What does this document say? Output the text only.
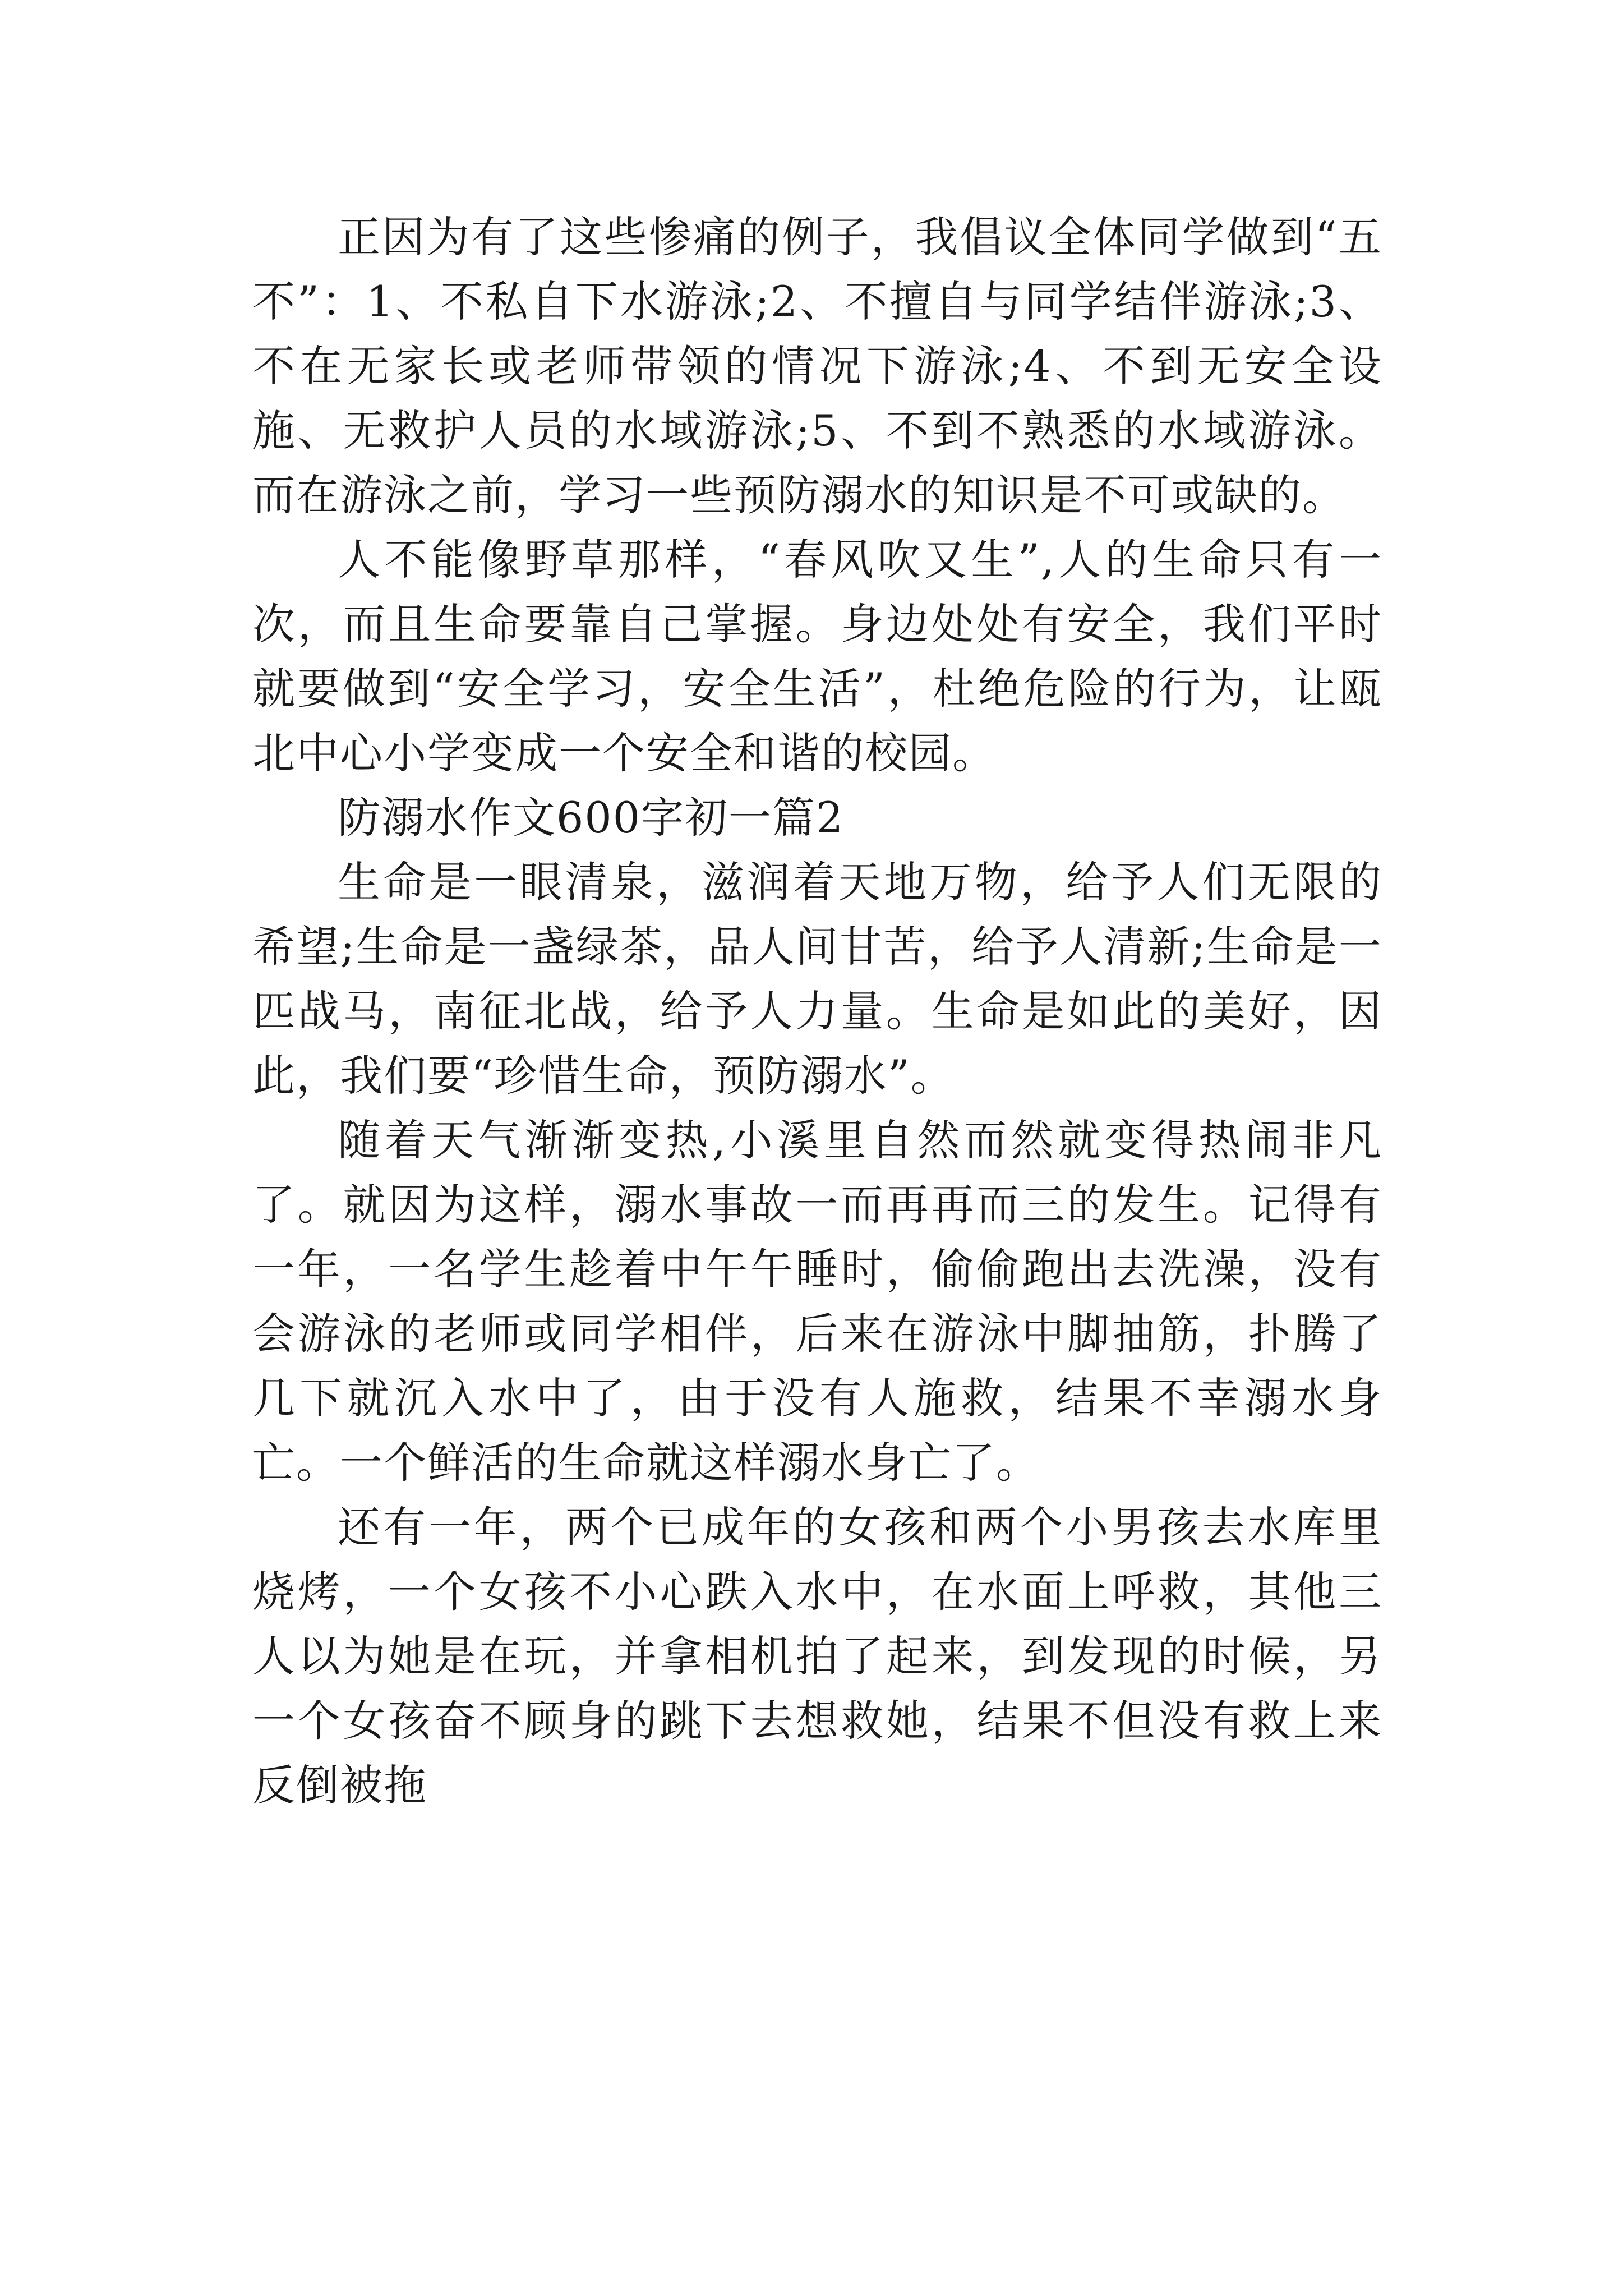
正因为有了这些惨痛的例子，我倡议全体同学做到“五不”：1、不私自下水游泳;2、不擅自与同学结伴游泳;3、不在无家长或老师带领的情况下游泳;4、不到无安全设施、无救护人员的水域游泳;5、不到不熟悉的水域游泳。而在游泳之前，学习一些预防溺水的知识是不可或缺的。

人不能像野草那样，“春风吹又生”,人的生命只有一次，而且生命要靠自己掌握。身边处处有安全，我们平时就要做到“安全学习，安全生活”，杜绝危险的行为，让瓯北中心小学变成一个安全和谐的校园。

防溺水作文600字初一篇2

生命是一眼清泉，滋润着天地万物，给予人们无限的希望;生命是一盏绿茶，品人间甘苦，给予人清新;生命是一匹战马，南征北战，给予人力量。生命是如此的美好，因此，我们要“珍惜生命，预防溺水”。

随着天气渐渐变热,小溪里自然而然就变得热闹非凡了。就因为这样，溺水事故一而再再而三的发生。记得有一年，一名学生趁着中午午睡时，偷偷跑出去洗澡，没有会游泳的老师或同学相伴，后来在游泳中脚抽筋，扑腾了几下就沉入水中了，由于没有人施救，结果不幸溺水身亡。一个鲜活的生命就这样溺水身亡了。

还有一年，两个已成年的女孩和两个小男孩去水库里烧烤，一个女孩不小心跌入水中，在水面上呼救，其他三人以为她是在玩，并拿相机拍了起来，到发现的时候，另一个女孩奋不顾身的跳下去想救她，结果不但没有救上来反倒被拖
